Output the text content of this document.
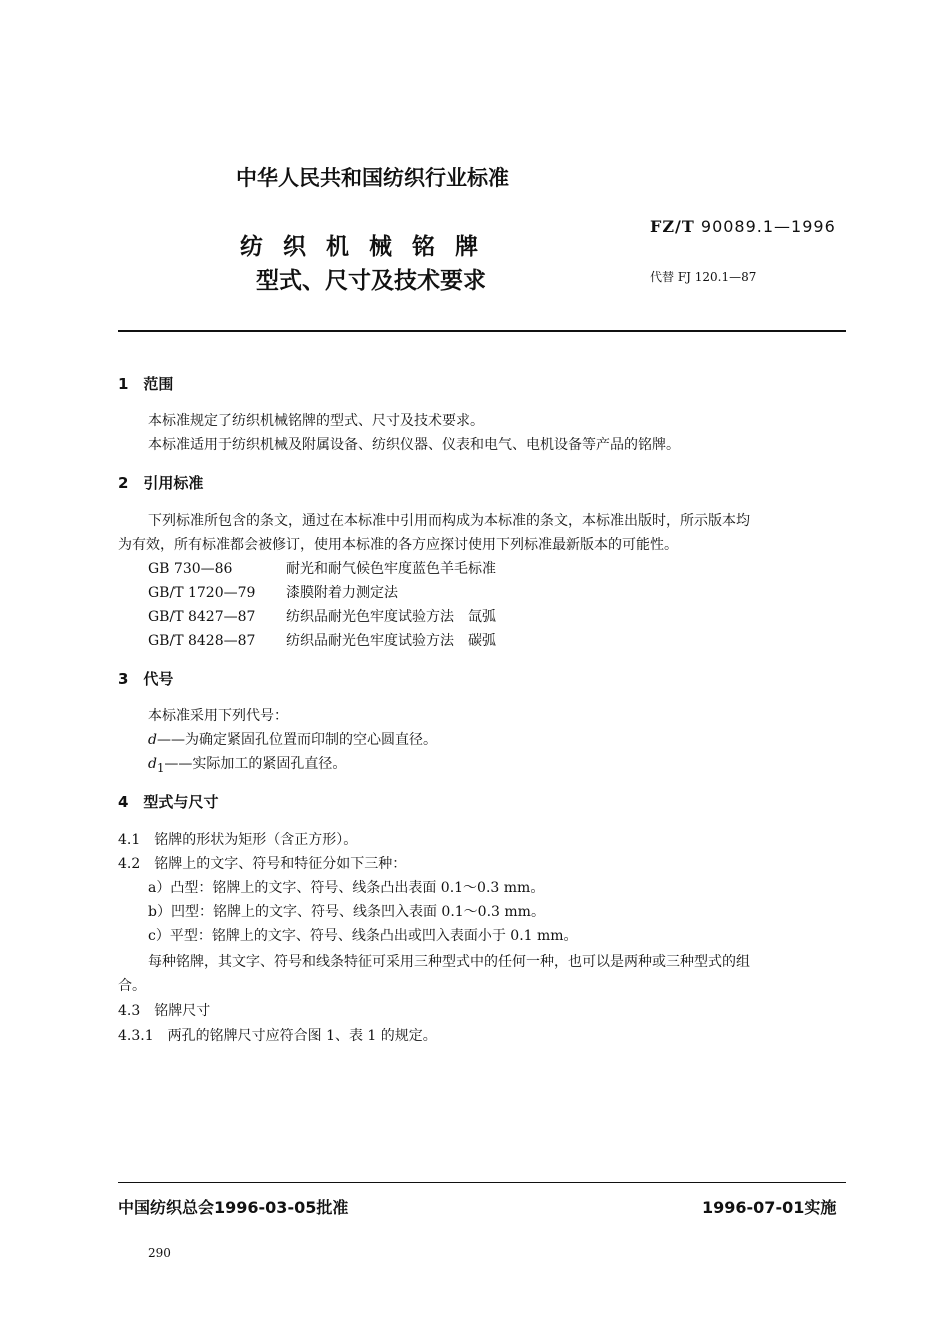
中华人民共和国纺织行业标准
纺织机械铭牌
型式、尺寸及技术要求
FZ/T 90089.1—1996
代替 FJ 120.1—87
1　范围
本标准规定了纺织机械铭牌的型式、尺寸及技术要求。
本标准适用于纺织机械及附属设备、纺织仪器、仪表和电气、电机设备等产品的铭牌。
2　引用标准
下列标准所包含的条文，通过在本标准中引用而构成为本标准的条文，本标准出版时，所示版本均
为有效，所有标准都会被修订，使用本标准的各方应探讨使用下列标准最新版本的可能性。
GB 730—86	耐光和耐气候色牢度蓝色羊毛标准
GB/T 1720—79 漆膜附着力测定法
GB/T 8427—87 纺织品耐光色牢度试验方法　氙弧
GB/T 8428—87 纺织品耐光色牢度试验方法　碳弧
3　代号
本标准采用下列代号：
d——为确定紧固孔位置而印制的空心圆直径。
$d_1——$实际加工的紧固孔直径。
4　型式与尺寸
4.1　铭牌的形状为矩形（含正方形）。
4.2　铭牌上的文字、符号和特征分如下三种：
a）凸型：铭牌上的文字、符号、线条凸出表面 0.1～0.3 mm。
b）凹型：铭牌上的文字、符号、线条凹入表面 0.1～0.3 mm。
c）平型：铭牌上的文字、符号、线条凸出或凹入表面小于 0.1 mm。
每种铭牌，其文字、符号和线条特征可采用三种型式中的任何一种，也可以是两种或三种型式的组
合。
4.3　铭牌尺寸
4.3.1　两孔的铭牌尺寸应符合图 1、表 1 的规定。
中国纺织总会1996-03-05批准	1996-07-01实施
290
